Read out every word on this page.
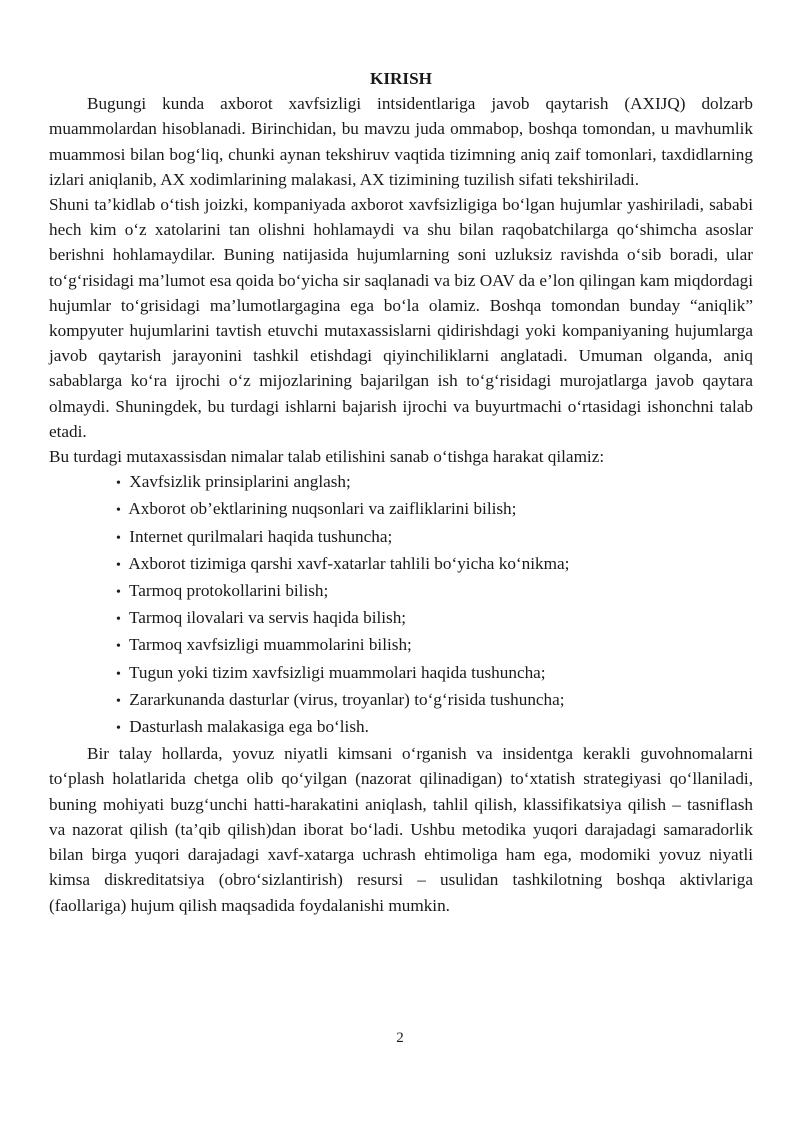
KIRISH

Bugungi kunda axborot xavfsizligi intsidentlariga javob qaytarish (AXIJQ) dolzarb muammolardan hisoblanadi. Birinchidan, bu mavzu juda ommabop, boshqa tomondan, u mavhumlik muammosi bilan bog‘liq, chunki aynan tekshiruv vaqtida tizimning aniq zaif tomonlari, taxdidlarning izlari aniqlanib, AX xodimlarining malakasi, AX tizimining tuzilish sifati tekshiriladi.

Shuni ta’kidlab o‘tish joizki, kompaniyada axborot xavfsizligiga bo‘lgan hujumlar yashiriladi, sababi hech kim o‘z xatolarini tan olishni hohlamaydi va shu bilan raqobatchilarga qo‘shimcha asoslar berishni hohlamaydilar. Buning natijasida hujumlarning soni uzluksiz ravishda o‘sib boradi, ular to‘g‘risidagi ma’lumot esa qoida bo‘yicha sir saqlanadi va biz OAV da e’lon qilingan kam miqdordagi hujumlar to‘grisidagi ma’lumotlargagina ega bo‘la olamiz. Boshqa tomondan bunday “aniqlik” kompyuter hujumlarini tavtish etuvchi mutaxassislarni qidirishdagi yoki kompaniyaning hujumlarga javob qaytarish jarayonini tashkil etishdagi qiyinchiliklarni anglatadi. Umuman olganda, aniq sabablarga ko‘ra ijrochi o‘z mijozlarining bajarilgan ish to‘g‘risidagi murojatlarga javob qaytara olmaydi. Shuningdek, bu turdagi ishlarni bajarish ijrochi va buyurtmachi o‘rtasidagi ishonchni talab etadi.

Bu turdagi mutaxassisdan nimalar talab etilishini sanab o‘tishga harakat qilamiz:

• Xavfsizlik prinsiplarini anglash;
• Axborot ob’ektlarining nuqsonlari va zaifliklarini bilish;
• Internet qurilmalari haqida tushuncha;
• Axborot tizimiga qarshi xavf-xatarlar tahlili bo‘yicha ko‘nikma;
• Tarmoq protokollarini bilish;
• Tarmoq ilovalari va servis haqida bilish;
• Tarmoq xavfsizligi muammolarini bilish;
• Tugun yoki tizim xavfsizligi muammolari haqida tushuncha;
• Zararkunanda dasturlar (virus, troyanlar) to‘g‘risida tushuncha;
• Dasturlash malakasiga ega bo‘lish.

Bir talay hollarda, yovuz niyatli kimsani o‘rganish va insidentga kerakli guvohnomalarni to‘plash holatlarida chetga olib qo‘yilgan (nazorat qilinadigan) to‘xtatish strategiyasi qo‘llaniladi, buning mohiyati buzg‘unchi hatti-harakatini aniqlash, tahlil qilish, klassifikatsiya qilish – tasniflash va nazorat qilish (ta’qib qilish)dan iborat bo‘ladi. Ushbu metodika yuqori darajadagi samaradorlik bilan birga yuqori darajadagi xavf-xatarga uchrash ehtimoliga ham ega, modomiki yovuz niyatli kimsa diskreditatsiya (obro‘sizlantirish) resursi – usulidan tashkilotning boshqa aktivlariga (faollariga) hujum qilish maqsadida foydalanishi mumkin.

2
